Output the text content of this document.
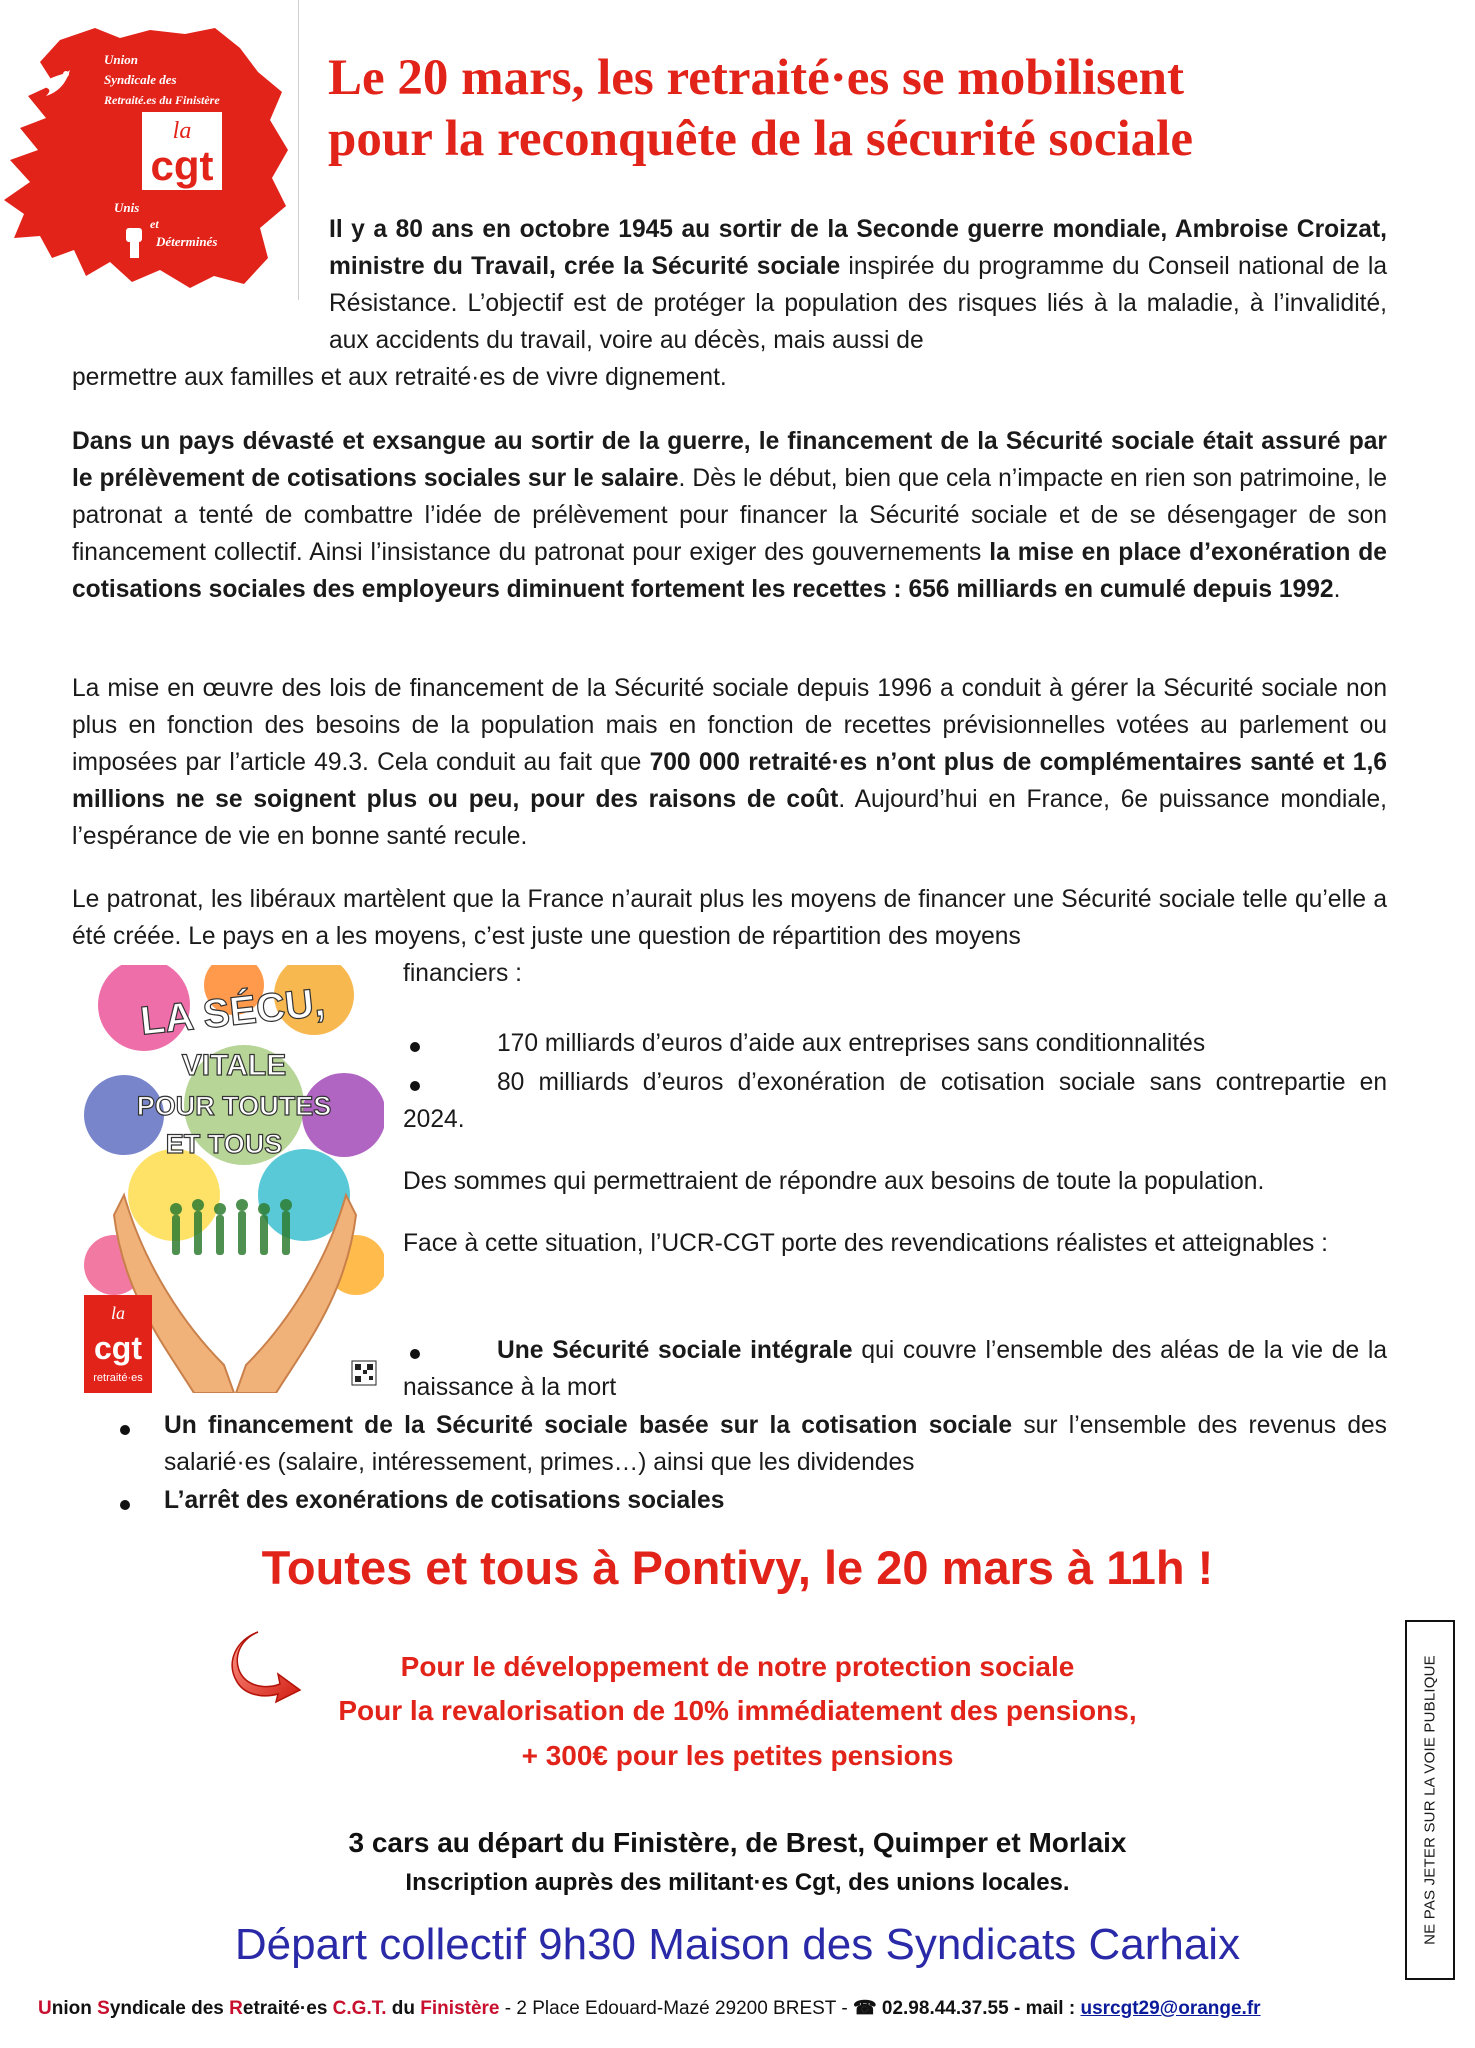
Union
Syndicale des
Retraité.es du Finistère
la
cgt
Unis
et
Déterminés
Le 20 mars, les retraité·es se mobilisent
pour la reconquête de la sécurité sociale

Il y a 80 ans en octobre 1945 au sortir de la Seconde guerre mondiale, Ambroise Croizat, ministre du Travail, crée la Sécurité sociale inspirée du programme du Conseil national de la Résistance. L’objectif est de protéger la population des risques liés à la maladie, à l’invalidité, aux accidents du travail, voire au décès, mais aussi de

permettre aux familles et aux retraité·es de vivre dignement.

Dans un pays dévasté et exsangue au sortir de la guerre, le financement de la Sécurité sociale était assuré par le prélèvement de cotisations sociales sur le salaire. Dès le début, bien que cela n’impacte en rien son patrimoine, le patronat a tenté de combattre l’idée de prélèvement pour financer la Sécurité sociale et de se désengager de son financement collectif. Ainsi l’insistance du patronat pour exiger des gouvernements la mise en place d’exonération de cotisations sociales des employeurs diminuent fortement les recettes : 656 milliards en cumulé depuis 1992.

La mise en œuvre des lois de financement de la Sécurité sociale depuis 1996 a conduit à gérer la Sécurité sociale non plus en fonction des besoins de la population mais en fonction de recettes prévisionnelles votées au parlement ou imposées par l’article 49.3. Cela conduit au fait que 700 000 retraité·es n’ont plus de complémentaires santé et 1,6 millions ne se soignent plus ou peu, pour des raisons de coût. Aujourd’hui en France, 6e puissance mondiale, l’espérance de vie en bonne santé recule.

Le patronat, les libéraux martèlent que la France n’aurait plus les moyens de financer une Sécurité sociale telle qu’elle a été créée. Le pays en a les moyens, c’est juste une question de répartition des moyens

financiers :

LA SÉCU,
VITALE
POUR TOUTES
ET TOUS
la
cgt
retraité·es
170 milliards d’euros d’aide aux entreprises sans conditionnalités
80 milliards d’euros d’exonération de cotisation sociale sans contrepartie en 2024.

Des sommes qui permettraient de répondre aux besoins de toute la population.

Face à cette situation, l’UCR-CGT porte des revendications réalistes et atteignables :

Une Sécurité sociale intégrale qui couvre l’ensemble des aléas de la vie de la naissance à la mort
Un financement de la Sécurité sociale basée sur la cotisation sociale sur l’ensemble des revenus des salarié·es (salaire, intéressement, primes…) ainsi que les dividendes
L’arrêt des exonérations de cotisations sociales
Toutes et tous à Pontivy, le 20 mars à 11h !
Pour le développement de notre protection sociale
Pour la revalorisation de 10% immédiatement des pensions,
+ 300€ pour les petites pensions
3 cars au départ du Finistère, de Brest, Quimper et Morlaix
Inscription auprès des militant·es Cgt, des unions locales.
Départ collectif 9h30 Maison des Syndicats Carhaix
Union Syndicale des Retraité·es C.G.T. du Finistère - 2 Place Edouard-Mazé 29200 BREST - ☎ 02.98.44.37.55 - mail : usrcgt29@orange.fr
NE PAS JETER SUR LA VOIE PUBLIQUE
